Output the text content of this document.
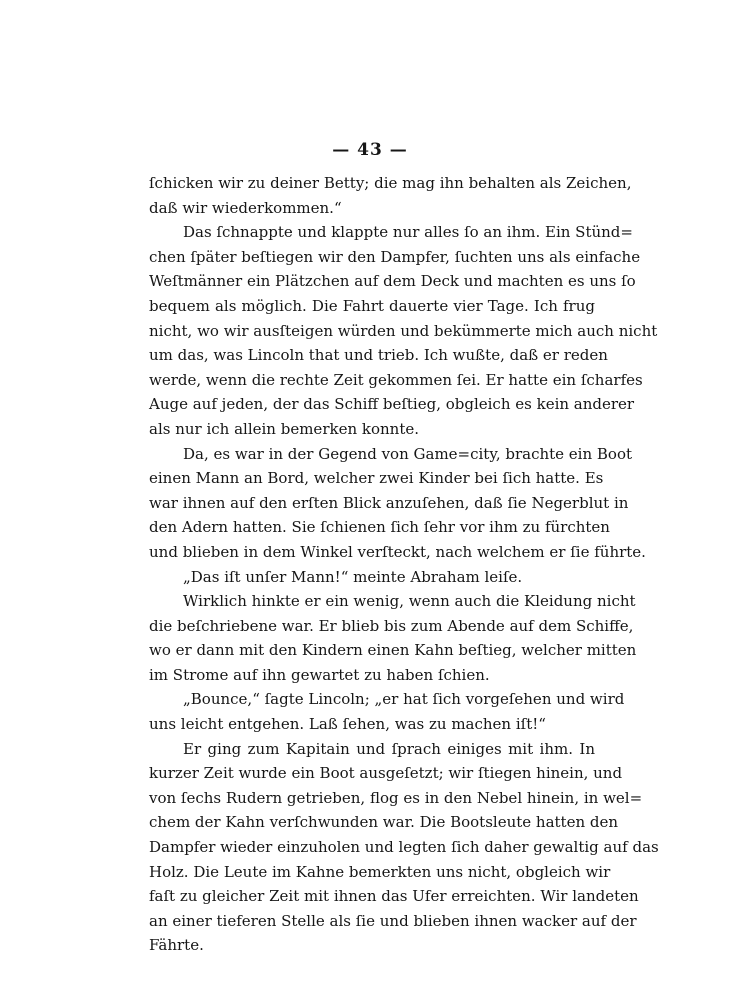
— 43 —
ſchicken wir zu deiner Betty; die mag ihn behalten als Zeichen,
daß wir wiederkommen.“
Das ſchnappte und klappte nur alles ſo an ihm. Ein Stünd=
chen ſpäter beſtiegen wir den Dampfer, ſuchten uns als einfache
Weſtmänner ein Plätzchen auf dem Deck und machten es uns ſo
bequem als möglich. Die Fahrt dauerte vier Tage. Ich frug
nicht, wo wir ausſteigen würden und bekümmerte mich auch nicht
um das, was Lincoln that und trieb. Ich wußte, daß er reden
werde, wenn die rechte Zeit gekommen ſei. Er hatte ein ſcharfes
Auge auf jeden, der das Schiff beſtieg, obgleich es kein anderer
als nur ich allein bemerken konnte.
Da, es war in der Gegend von Game=city, brachte ein Boot
einen Mann an Bord, welcher zwei Kinder bei ſich hatte. Es
war ihnen auf den erſten Blick anzuſehen, daß ſie Negerblut in
den Adern hatten. Sie ſchienen ſich ſehr vor ihm zu fürchten
und blieben in dem Winkel verſteckt, nach welchem er ſie führte.
„Das iſt unſer Mann!“ meinte Abraham leiſe.
Wirklich hinkte er ein wenig, wenn auch die Kleidung nicht
die beſchriebene war. Er blieb bis zum Abende auf dem Schiffe,
wo er dann mit den Kindern einen Kahn beſtieg, welcher mitten
im Strome auf ihn gewartet zu haben ſchien.
„Bounce,“ ſagte Lincoln; „er hat ſich vorgeſehen und wird
uns leicht entgehen. Laß ſehen, was zu machen iſt!“
Er ging zum Kapitain und ſprach einiges mit ihm. In
kurzer Zeit wurde ein Boot ausgeſetzt; wir ſtiegen hinein, und
von ſechs Rudern getrieben, flog es in den Nebel hinein, in wel=
chem der Kahn verſchwunden war. Die Bootsleute hatten den
Dampfer wieder einzuholen und legten ſich daher gewaltig auf das
Holz. Die Leute im Kahne bemerkten uns nicht, obgleich wir
faſt zu gleicher Zeit mit ihnen das Ufer erreichten. Wir landeten
an einer tieferen Stelle als ſie und blieben ihnen wacker auf der
Fährte.
